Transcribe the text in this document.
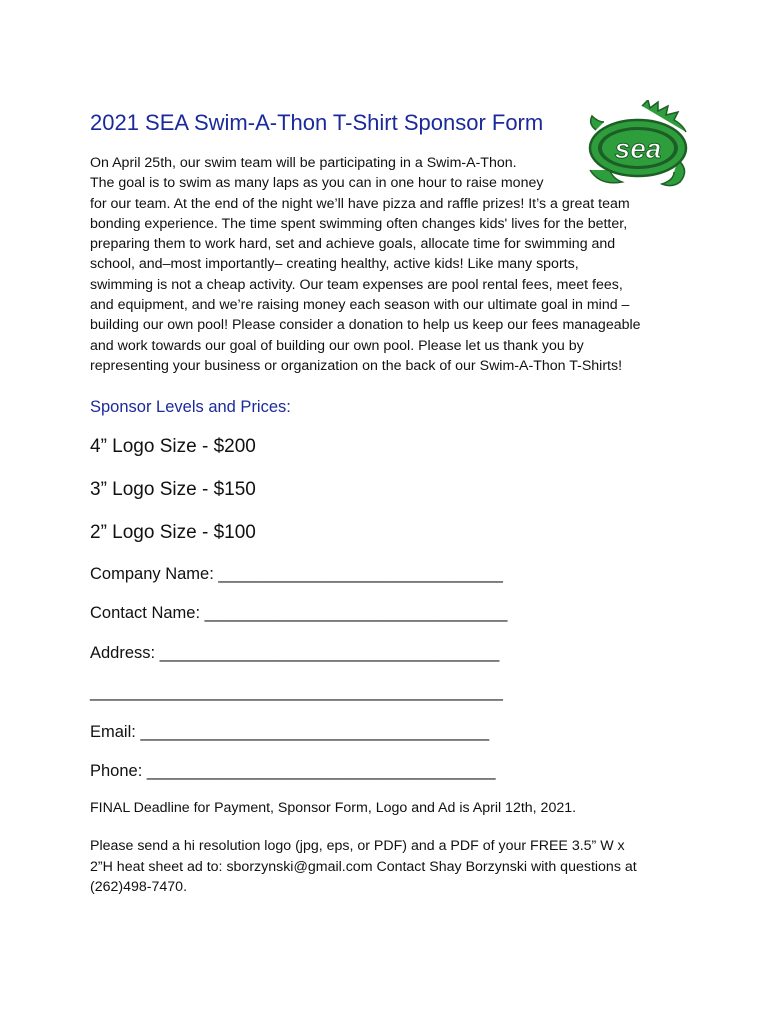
2021 SEA Swim-A-Thon T-Shirt Sponsor Form
sea
On April 25th, our swim team will be participating in a Swim-A-Thon.
The goal is to swim as many laps as you can in one hour to raise money
for our team. At the end of the night we’ll have pizza and raffle prizes! It’s a great team
bonding experience. The time spent swimming often changes kids' lives for the better,
preparing them to work hard, set and achieve goals, allocate time for swimming and
school, and–most importantly– creating healthy, active kids! Like many sports,
swimming is not a cheap activity. Our team expenses are pool rental fees, meet fees,
and equipment, and we’re raising money each season with our ultimate goal in mind –
building our own pool! Please consider a donation to help us keep our fees manageable
and work towards our goal of building our own pool. Please let us thank you by
representing your business or organization on the back of our Swim-A-Thon T-Shirts!
Sponsor Levels and Prices:

4” Logo Size - $200

3” Logo Size - $150

2” Logo Size - $100

Company Name: _______________________________

Contact Name: _________________________________

Address: _____________________________________

_____________________________________________

Email: ______________________________________

Phone: ______________________________________

FINAL Deadline for Payment, Sponsor Form, Logo and Ad is April 12th, 2021.

Please send a hi resolution logo (jpg, eps, or PDF) and a PDF of your FREE 3.5” W x
2”H heat sheet ad to: sborzynski@gmail.com Contact Shay Borzynski with questions at
(262)498-7470.
